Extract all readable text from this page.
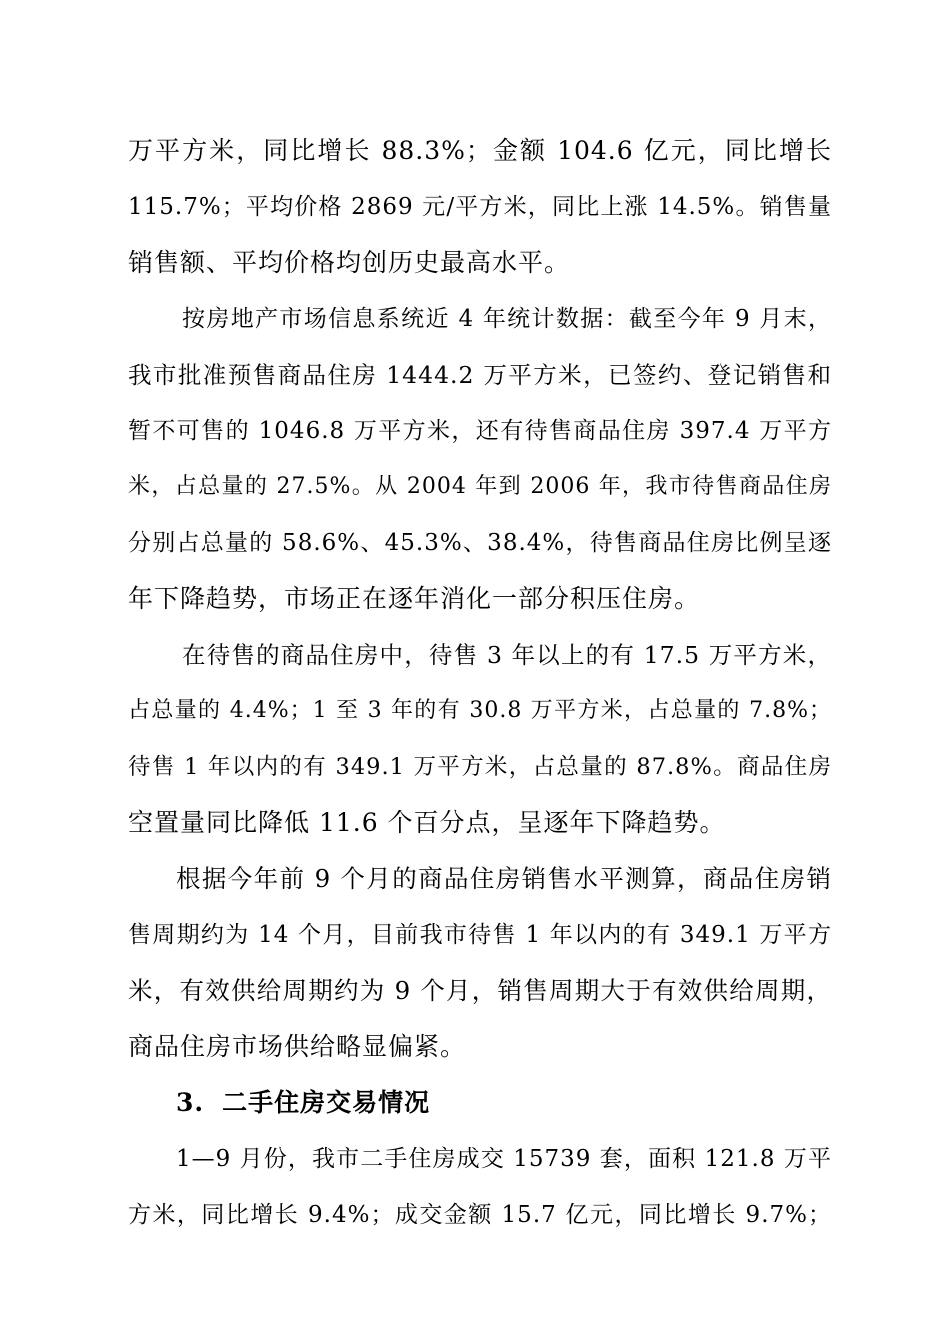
万平方米，同比增长 88.3%；金额 104.6 亿元，同比增长
115.7%；平均价格 2869 元/平方米，同比上涨 14.5%。销售量
销售额、平均价格均创历史最高水平。
按房地产市场信息系统近 4 年统计数据：截至今年 9 月末，
我市批准预售商品住房 1444.2 万平方米，已签约、登记销售和
暂不可售的 1046.8 万平方米，还有待售商品住房 397.4 万平方
米，占总量的 27.5%。从 2004 年到 2006 年，我市待售商品住房
分别占总量的 58.6%、45.3%、38.4%，待售商品住房比例呈逐
年下降趋势，市场正在逐年消化一部分积压住房。
在待售的商品住房中，待售 3 年以上的有 17.5 万平方米，
占总量的 4.4%；1 至 3 年的有 30.8 万平方米，占总量的 7.8%；
待售 1 年以内的有 349.1 万平方米，占总量的 87.8%。商品住房
空置量同比降低 11.6 个百分点，呈逐年下降趋势。
根据今年前 9 个月的商品住房销售水平测算，商品住房销
售周期约为 14 个月，目前我市待售 1 年以内的有 349.1 万平方
米，有效供给周期约为 9 个月，销售周期大于有效供给周期，
商品住房市场供给略显偏紧。
3. 二手住房交易情况
1—9 月份，我市二手住房成交 15739 套，面积 121.8 万平
方米，同比增长 9.4%；成交金额 15.7 亿元，同比增长 9.7%；
